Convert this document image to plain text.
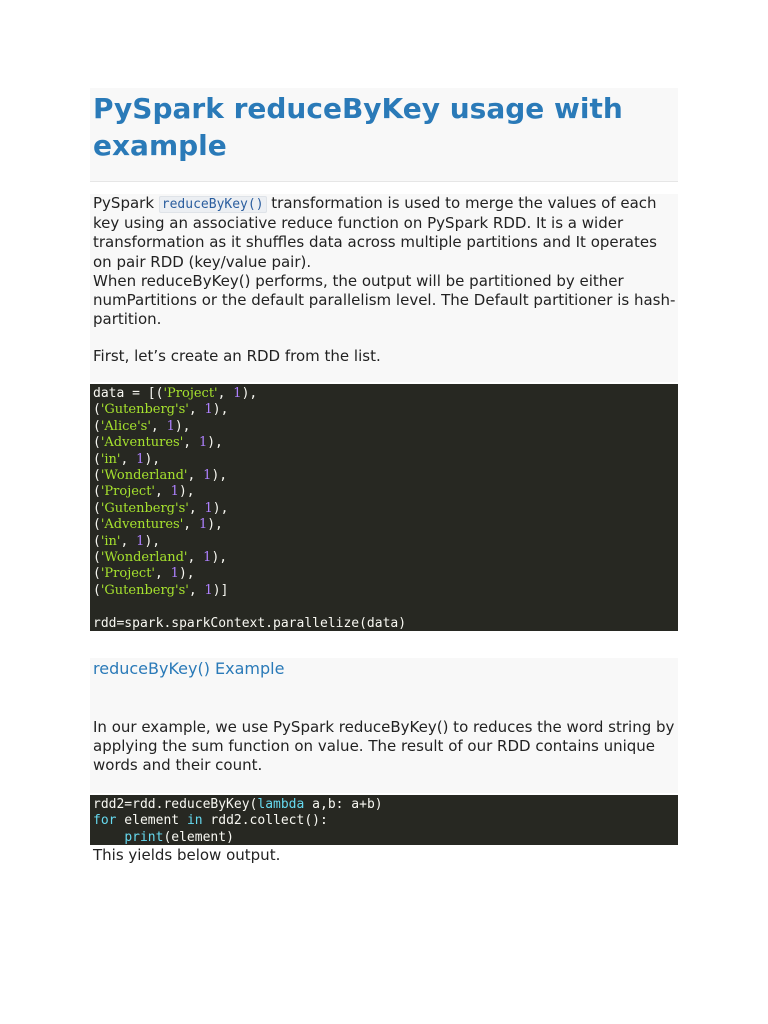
PySpark reduceByKey usage with example

PySpark reduceByKey() transformation is used to merge the values of each key using an associative reduce function on PySpark RDD. It is a wider transformation as it shuffles data across multiple partitions and It operates on pair RDD (key/value pair).

When reduceByKey() performs, the output will be partitioned by either numPartitions or the default parallelism level. The Default partitioner is hash-partition.

First, let’s create an RDD from the list.

data = [('Project', 1),
('Gutenberg's', 1),
('Alice's', 1),
('Adventures', 1),
('in', 1),
('Wonderland', 1),
('Project', 1),
('Gutenberg's', 1),
('Adventures', 1),
('in', 1),
('Wonderland', 1),
('Project', 1),
('Gutenberg's', 1)]

rdd=spark.sparkContext.parallelize(data)
reduceByKey() Example

In our example, we use PySpark reduceByKey() to reduces the word string by applying the sum function on value. The result of our RDD contains unique words and their count.

rdd2=rdd.reduceByKey(lambda a,b: a+b)
for element in rdd2.collect():
print(element)

This yields below output.
